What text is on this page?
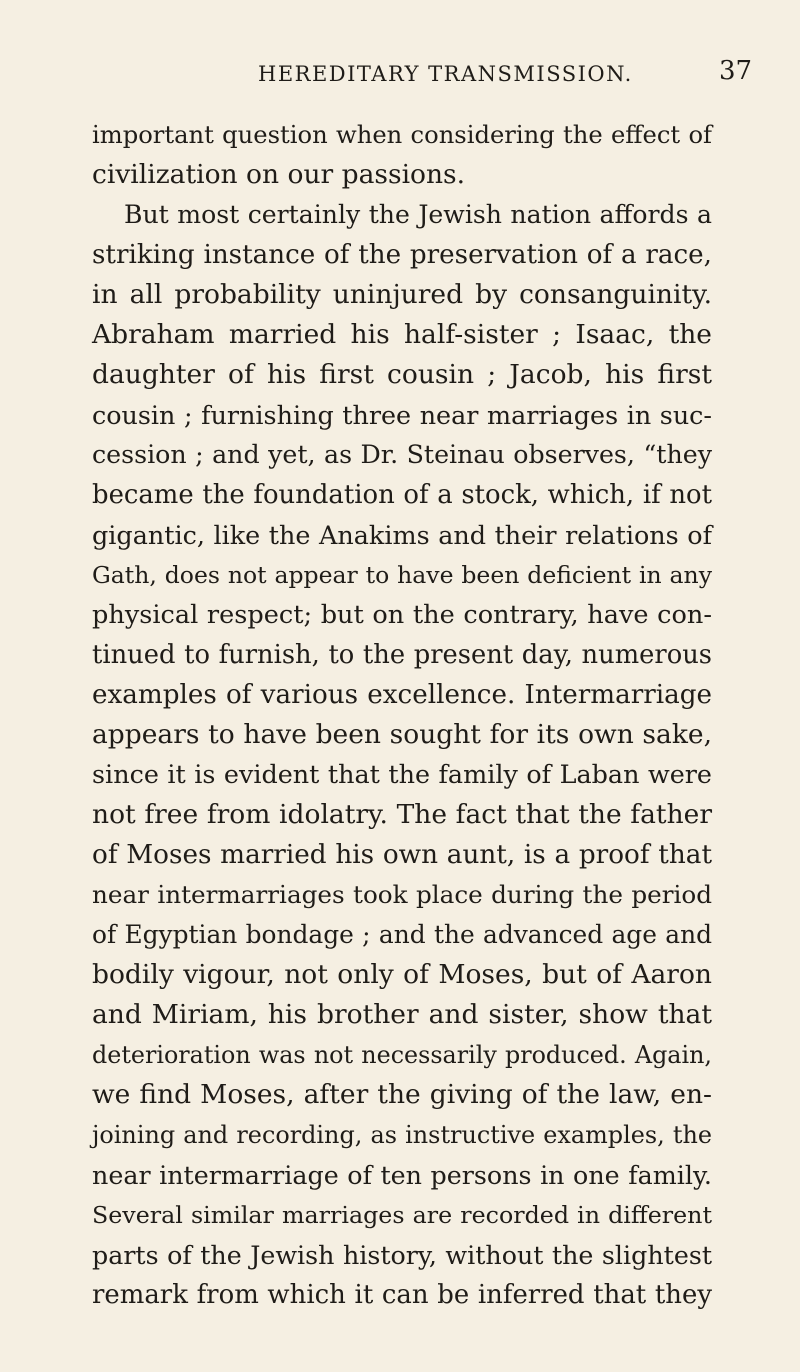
HEREDITARY TRANSMISSION.	37
important question when considering the effect of
civilization on our passions.
But most certainly the Jewish nation affords a
striking instance of the preservation of a race,
in all probability uninjured by consanguinity.
Abraham married his half-sister ; Isaac, the
daughter of his first cousin ; Jacob, his first
cousin ; furnishing three near marriages in suc-
cession ; and yet, as Dr. Steinau observes, “they
became the foundation of a stock, which, if not
gigantic, like the Anakims and their relations of
Gath, does not appear to have been deficient in any
physical respect; but on the contrary, have con-
tinued to furnish, to the present day, numerous
examples of various excellence. Intermarriage
appears to have been sought for its own sake,
since it is evident that the family of Laban were
not free from idolatry. The fact that the father
of Moses married his own aunt, is a proof that
near intermarriages took place during the period
of Egyptian bondage ; and the advanced age and
bodily vigour, not only of Moses, but of Aaron
and Miriam, his brother and sister, show that
deterioration was not necessarily produced. Again,
we find Moses, after the giving of the law, en-
joining and recording, as instructive examples, the
near intermarriage of ten persons in one family.
Several similar marriages are recorded in different
parts of the Jewish history, without the slightest
remark from which it can be inferred that they
